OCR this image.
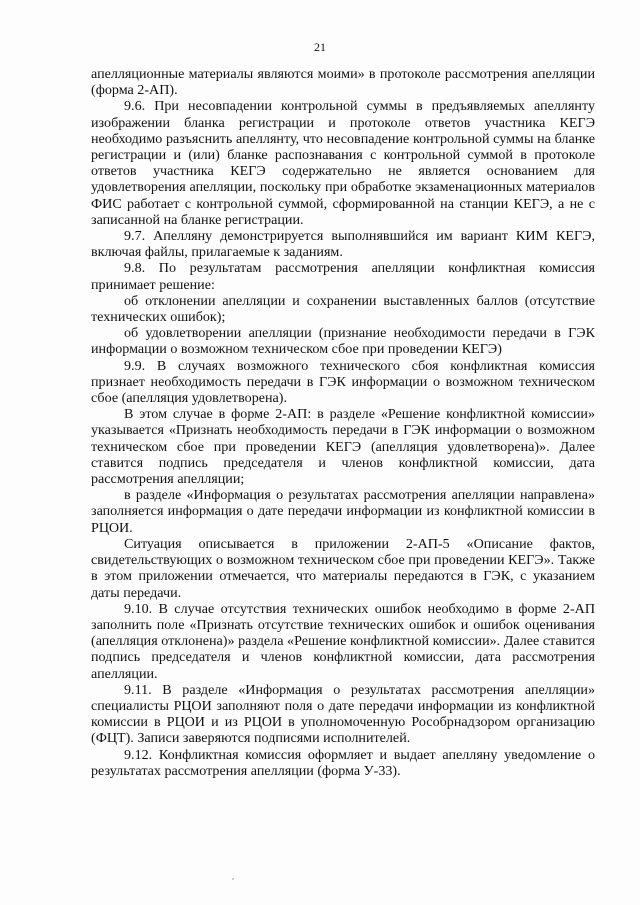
21

апелляционные материалы являются моими» в протоколе рассмотрения апелляции (форма 2-АП).

9.6. При несовпадении контрольной суммы в предъявляемых апеллянту изображении бланка регистрации и протоколе ответов участника КЕГЭ необходимо разъяснить апеллянту, что несовпадение контрольной суммы на бланке регистрации и (или) бланке распознавания с контрольной суммой в протоколе ответов участника КЕГЭ содержательно не является основанием для удовлетворения апелляции, поскольку при обработке экзаменационных материалов ФИС работает с контрольной суммой, сформированной на станции КЕГЭ, а не с записанной на бланке регистрации.

9.7. Апелляну демонстрируется выполнявшийся им вариант КИМ КЕГЭ, включая файлы, прилагаемые к заданиям.

9.8. По результатам рассмотрения апелляции конфликтная комиссия принимает решение:

об отклонении апелляции и сохранении выставленных баллов (отсутствие технических ошибок);

об удовлетворении апелляции (признание необходимости передачи в ГЭК информации о возможном техническом сбое при проведении КЕГЭ)

9.9. В случаях возможного технического сбоя конфликтная комиссия признает необходимость передачи в ГЭК информации о возможном техническом сбое (апелляция удовлетворена).

В этом случае в форме 2-АП: в разделе «Решение конфликтной комиссии» указывается «Признать необходимость передачи в ГЭК информации о возможном техническом сбое при проведении КЕГЭ (апелляция удовлетворена)». Далее ставится подпись председателя и членов конфликтной комиссии, дата рассмотрения апелляции;

в разделе «Информация о результатах рассмотрения апелляции направлена» заполняется информация о дате передачи информации из конфликтной комиссии в РЦОИ.

Ситуация описывается в приложении 2-АП-5 «Описание фактов, свидетельствующих о возможном техническом сбое при проведении КЕГЭ». Также в этом приложении отмечается, что материалы передаются в ГЭК, с указанием даты передачи.

9.10. В случае отсутствия технических ошибок необходимо в форме 2-АП заполнить поле «Признать отсутствие технических ошибок и ошибок оценивания (апелляция отклонена)» раздела «Решение конфликтной комиссии». Далее ставится подпись председателя и членов конфликтной комиссии, дата рассмотрения апелляции.

9.11. В разделе «Информация о результатах рассмотрения апелляции» специалисты РЦОИ заполняют поля о дате передачи информации из конфликтной комиссии в РЦОИ и из РЦОИ в уполномоченную Рособрнадзором организацию (ФЦТ). Записи заверяются подписями исполнителей.

9.12. Конфликтная комиссия оформляет и выдает апелляну уведомление о результатах рассмотрения апелляции (форма У-33).
